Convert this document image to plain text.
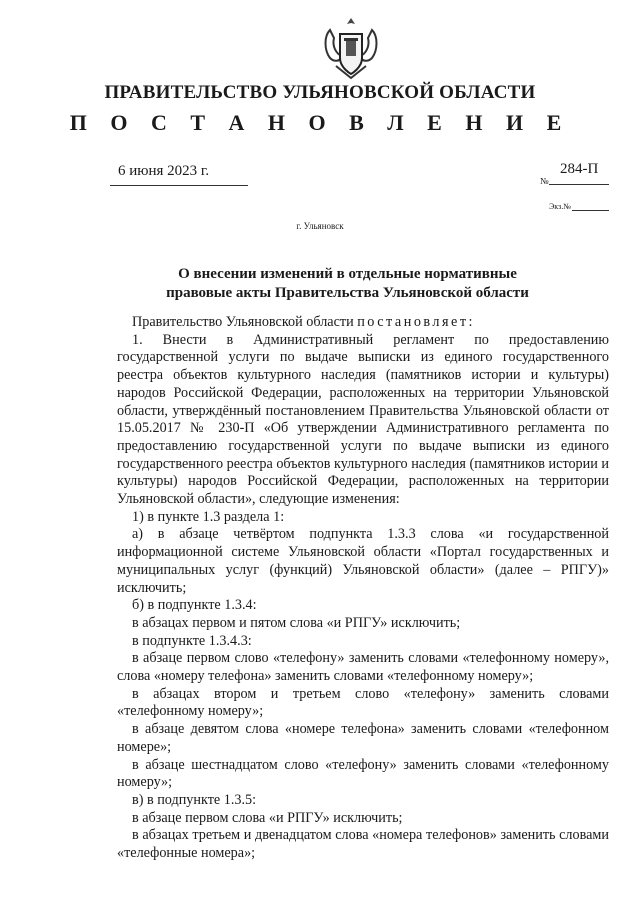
ПРАВИТЕЛЬСТВО УЛЬЯНОВСКОЙ ОБЛАСТИ
П О С Т А Н О В Л Е Н И Е
6 июня 2023 г.	284-П
№
Экз.№
г. Ульяновск
О внесении изменений в отдельные нормативные
правовые акты Правительства Ульяновской области

Правительство Ульяновской области постановляет:

1. Внести в Административный регламент по предоставлению государственной услуги по выдаче выписки из единого государственного реестра объектов культурного наследия (памятников истории и культуры) народов Российской Федерации, расположенных на территории Ульяновской области, утверждённый постановлением Правительства Ульяновской области от 15.05.2017 № 230-П «Об утверждении Административного регламента по предоставлению государственной услуги по выдаче выписки из единого государственного реестра объектов культурного наследия (памятников истории и культуры) народов Российской Федерации, расположенных на территории Ульяновской области», следующие изменения:

1) в пункте 1.3 раздела 1:

а) в абзаце четвёртом подпункта 1.3.3 слова «и государственной информационной системе Ульяновской области «Портал государственных и муниципальных услуг (функций) Ульяновской области» (далее – РПГУ)» исключить;

б) в подпункте 1.3.4:

в абзацах первом и пятом слова «и РПГУ» исключить;

в подпункте 1.3.4.3:

в абзаце первом слово «телефону» заменить словами «телефонному номеру», слова «номеру телефона» заменить словами «телефонному номеру»;

в абзацах втором и третьем слово «телефону» заменить словами «телефонному номеру»;

в абзаце девятом слова «номере телефона» заменить словами «телефонном номере»;

в абзаце шестнадцатом слово «телефону» заменить словами «телефонному номеру»;

в) в подпункте 1.3.5:

в абзаце первом слова «и РПГУ» исключить;

в абзацах третьем и двенадцатом слова «номера телефонов» заменить словами «телефонные номера»;
